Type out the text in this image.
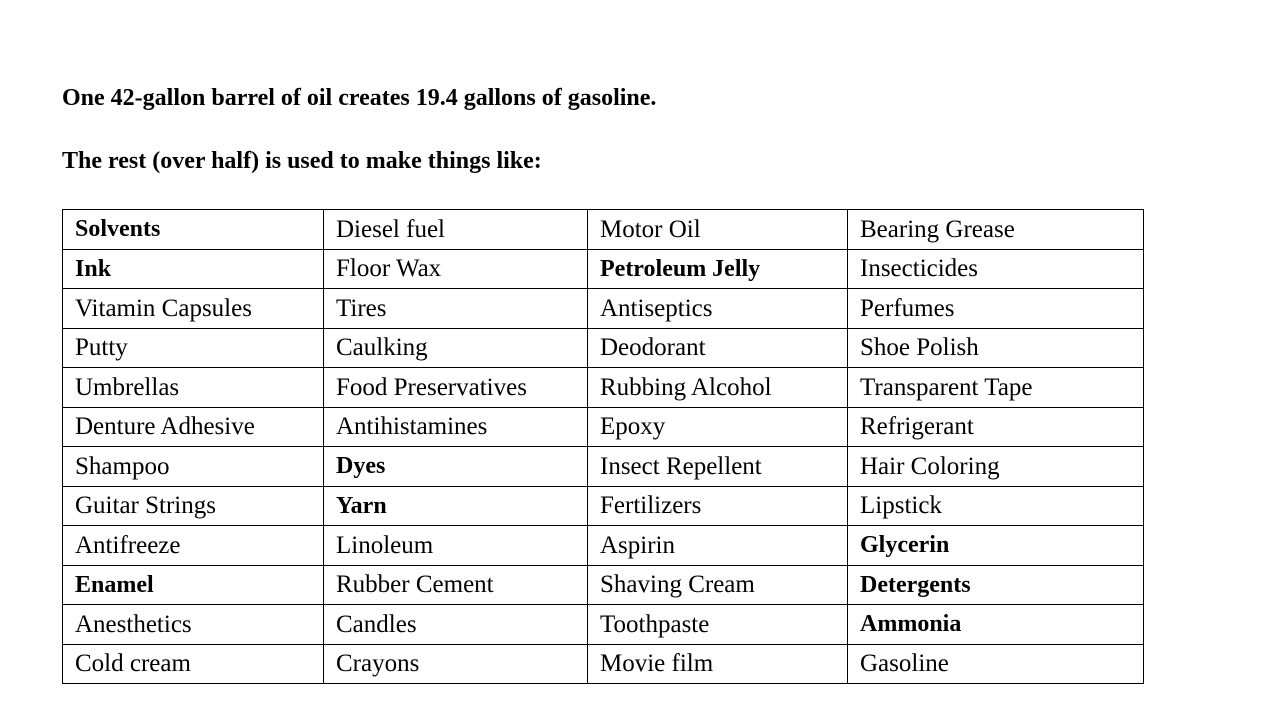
One 42-gallon barrel of oil creates 19.4 gallons of gasoline.
The rest (over half) is used to make things like:
Solvents	Diesel fuel	Motor Oil	Bearing Grease
Ink	Floor Wax	Petroleum Jelly	Insecticides
Vitamin Capsules	Tires	Antiseptics	Perfumes
Putty	Caulking	Deodorant	Shoe Polish
Umbrellas	Food Preservatives	Rubbing Alcohol	Transparent Tape
Denture Adhesive	Antihistamines	Epoxy	Refrigerant
Shampoo	Dyes	Insect Repellent	Hair Coloring
Guitar Strings	Yarn	Fertilizers	Lipstick
Antifreeze	Linoleum	Aspirin	Glycerin
Enamel	Rubber Cement	Shaving Cream	Detergents
Anesthetics	Candles	Toothpaste	Ammonia
Cold cream	Crayons	Movie film	Gasoline
